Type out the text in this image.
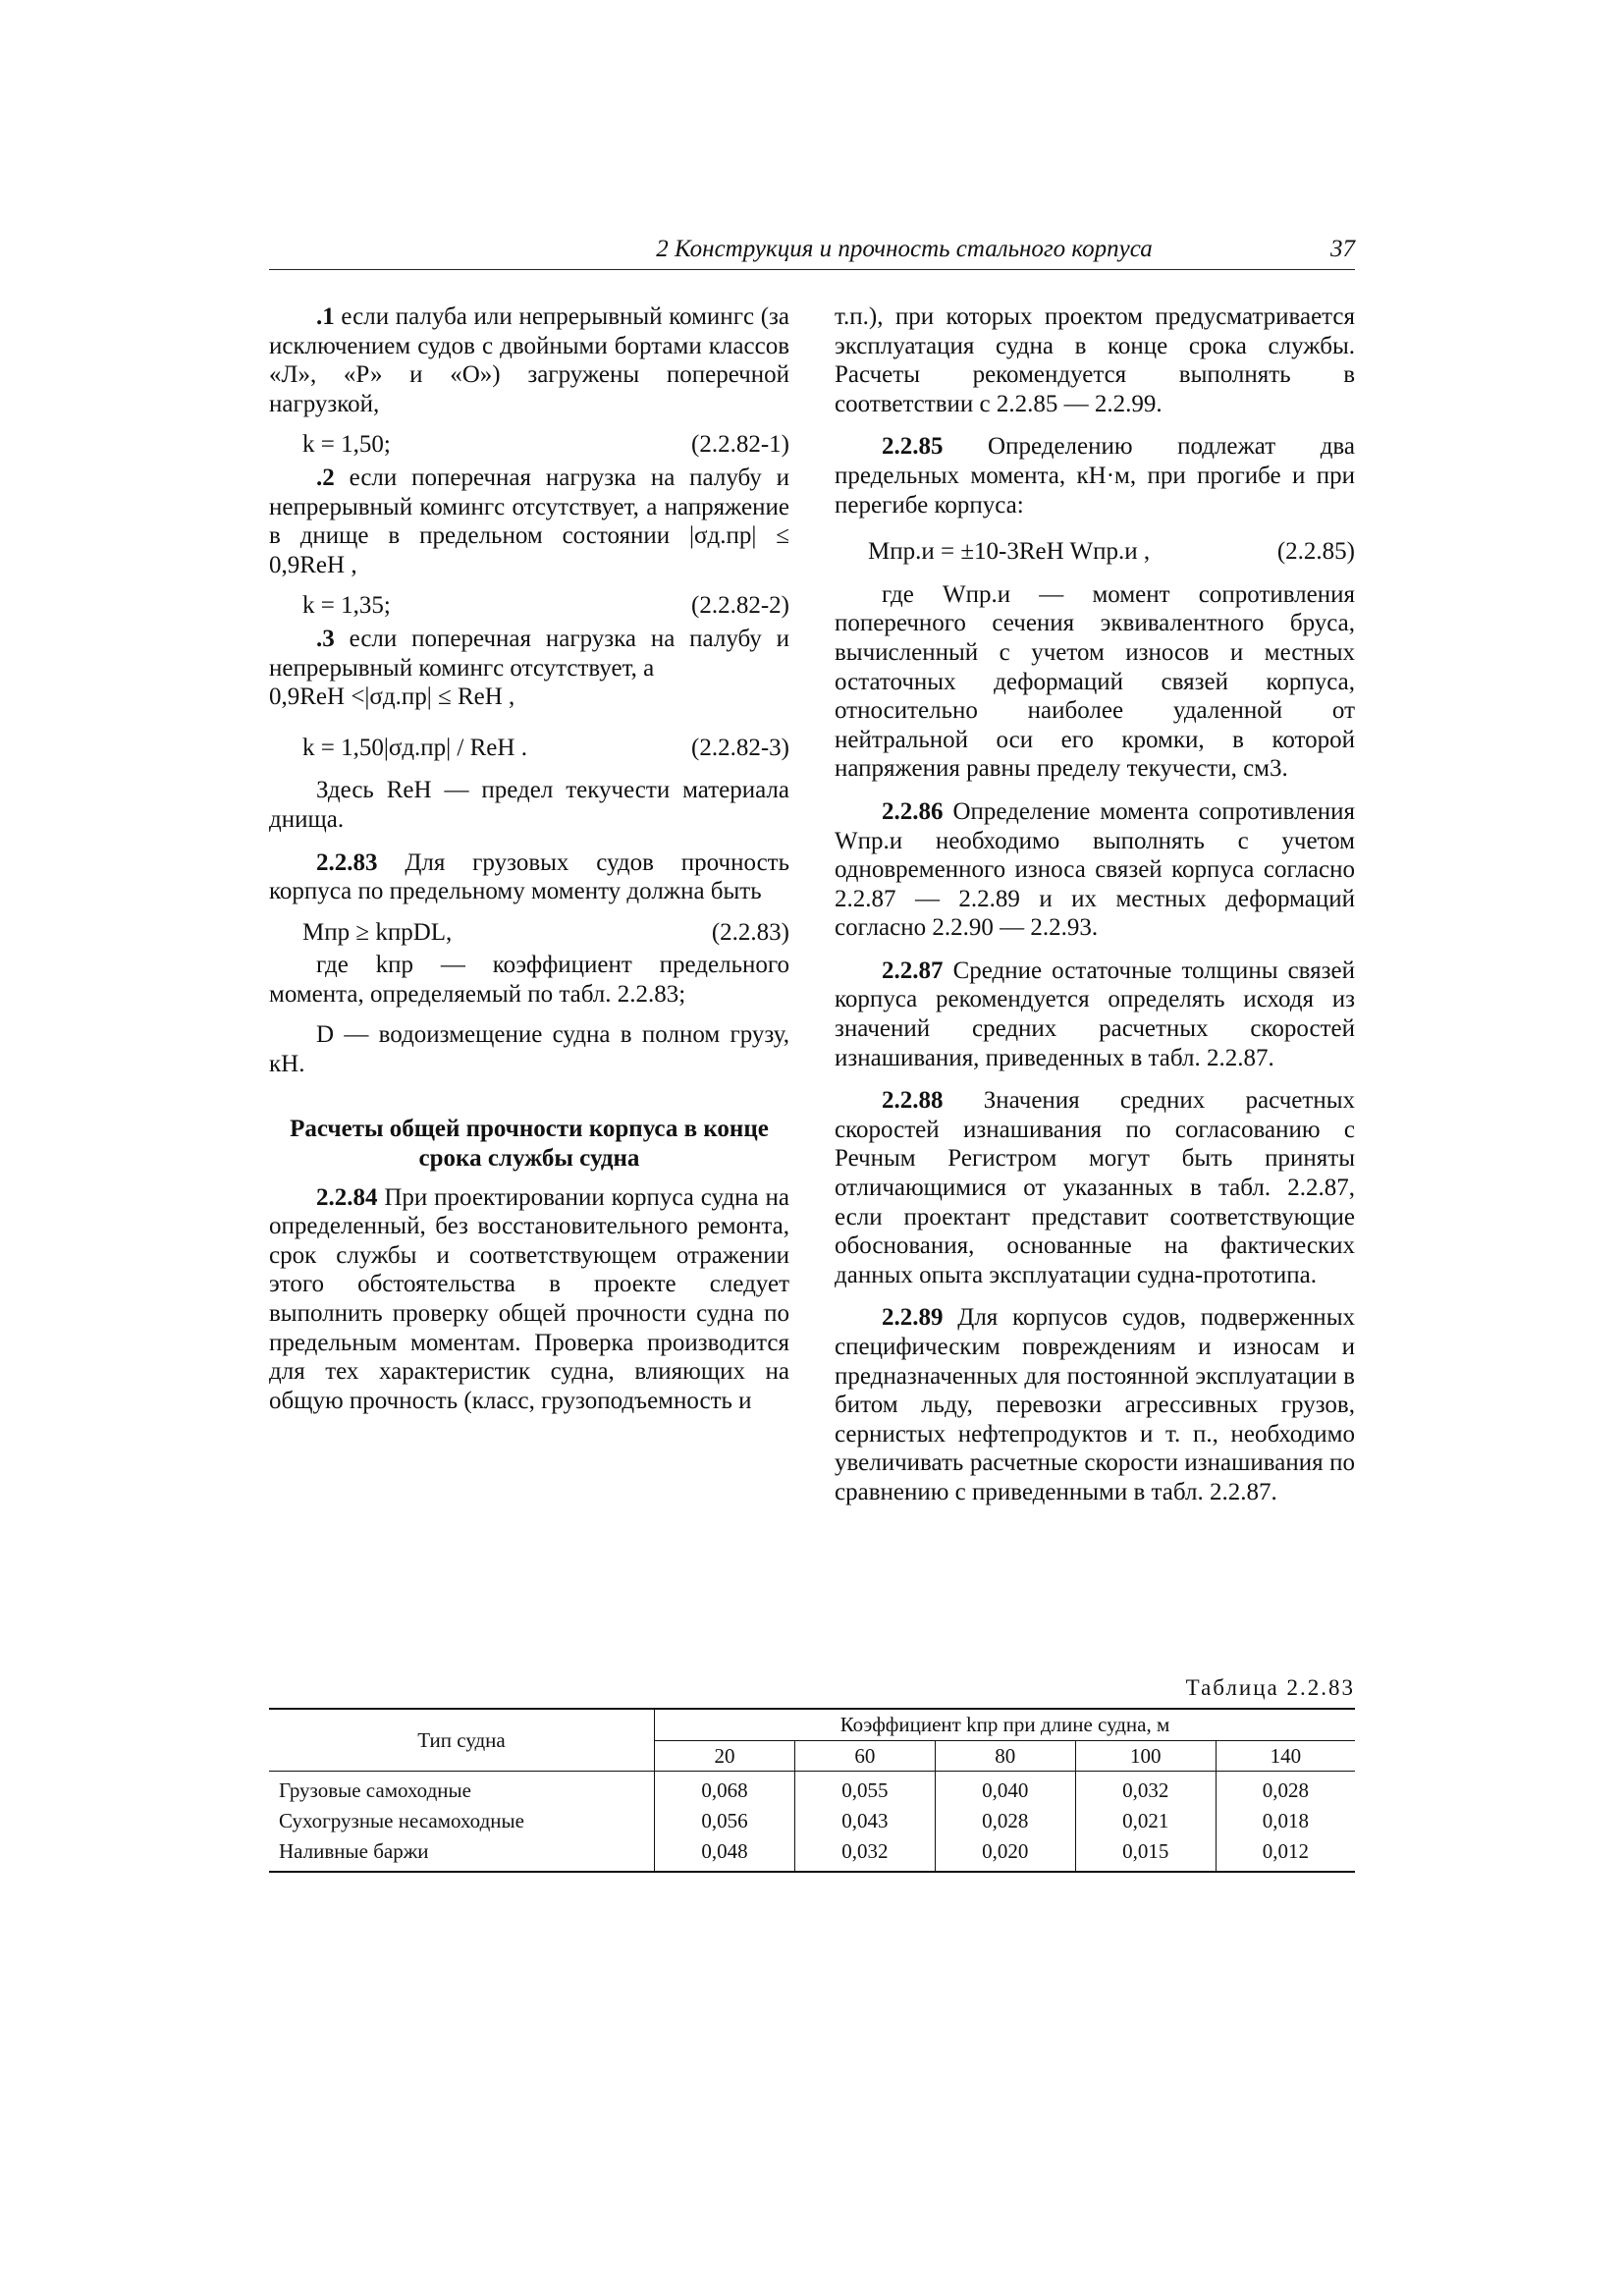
2 Конструкция и прочность стального корпуса	37

.1 если палуба или непрерывный комингс (за исключением судов с двойными бортами классов «Л», «Р» и «О») загружены поперечной нагрузкой,

k = 1,50;	(2.2.82-1)

.2 если поперечная нагрузка на палубу и непрерывный комингс отсутствует, а напряжение в днище в предельном состоянии |σд.пр| ≤ 0,9ReH ,

k = 1,35;	(2.2.82-2)

.3 если поперечная нагрузка на палубу и непрерывный комингс отсутствует, а

0,9ReH <|σд.пр| ≤ ReH ,

k = 1,50|σд.пр| / ReH .	(2.2.82-3)

Здесь ReH — предел текучести материала днища.

2.2.83 Для грузовых судов прочность корпуса по предельному моменту должна быть

Mпр ≥ kпрDL,	(2.2.83)

где kпр — коэффициент предельного момента, определяемый по табл. 2.2.83;

D — водоизмещение судна в полном грузу, кН.

Расчеты общей прочности корпуса в конце срока службы судна

2.2.84 При проектировании корпуса судна на определенный, без восстановительного ремонта, срок службы и соответствующем отражении этого обстоятельства в проекте следует выполнить проверку общей прочности судна по предельным моментам. Проверка производится для тех характеристик судна, влияющих на общую прочность (класс, грузоподъемность и

т.п.), при которых проектом предусматривается эксплуатация судна в конце срока службы. Расчеты рекомендуется выполнять в соответствии с 2.2.85 — 2.2.99.

2.2.85 Определению подлежат два предельных момента, кН·м, при прогибе и при перегибе корпуса:

Mпр.и = ±10-3ReH Wпр.и ,	(2.2.85)

где Wпр.и — момент сопротивления поперечного сечения эквивалентного бруса, вычисленный с учетом износов и местных остаточных деформаций связей корпуса, относительно наиболее удаленной от нейтральной оси его кромки, в которой напряжения равны пределу текучести, см3.

2.2.86 Определение момента сопротивления Wпр.и необходимо выполнять с учетом одновременного износа связей корпуса согласно 2.2.87 — 2.2.89 и их местных деформаций согласно 2.2.90 — 2.2.93.

2.2.87 Средние остаточные толщины связей корпуса рекомендуется определять исходя из значений средних расчетных скоростей изнашивания, приведенных в табл. 2.2.87.

2.2.88 Значения средних расчетных скоростей изнашивания по согласованию с Речным Регистром могут быть приняты отличающимися от указанных в табл. 2.2.87, если проектант представит соответствующие обоснования, основанные на фактических данных опыта эксплуатации судна-прототипа.

2.2.89 Для корпусов судов, подверженных специфическим повреждениям и износам и предназначенных для постоянной эксплуатации в битом льду, перевозки агрессивных грузов, сернистых нефтепродуктов и т. п., необходимо увеличивать расчетные скорости изнашивания по сравнению с приведенными в табл. 2.2.87.

Таблица 2.2.83
Тип судна	Коэффициент kпр при длине судна, м				
	20	60	80	100	140
Грузовые самоходные	0,068	0,055	0,040	0,032	0,028
Сухогрузные несамоходные	0,056	0,043	0,028	0,021	0,018
Наливные баржи	0,048	0,032	0,020	0,015	0,012
